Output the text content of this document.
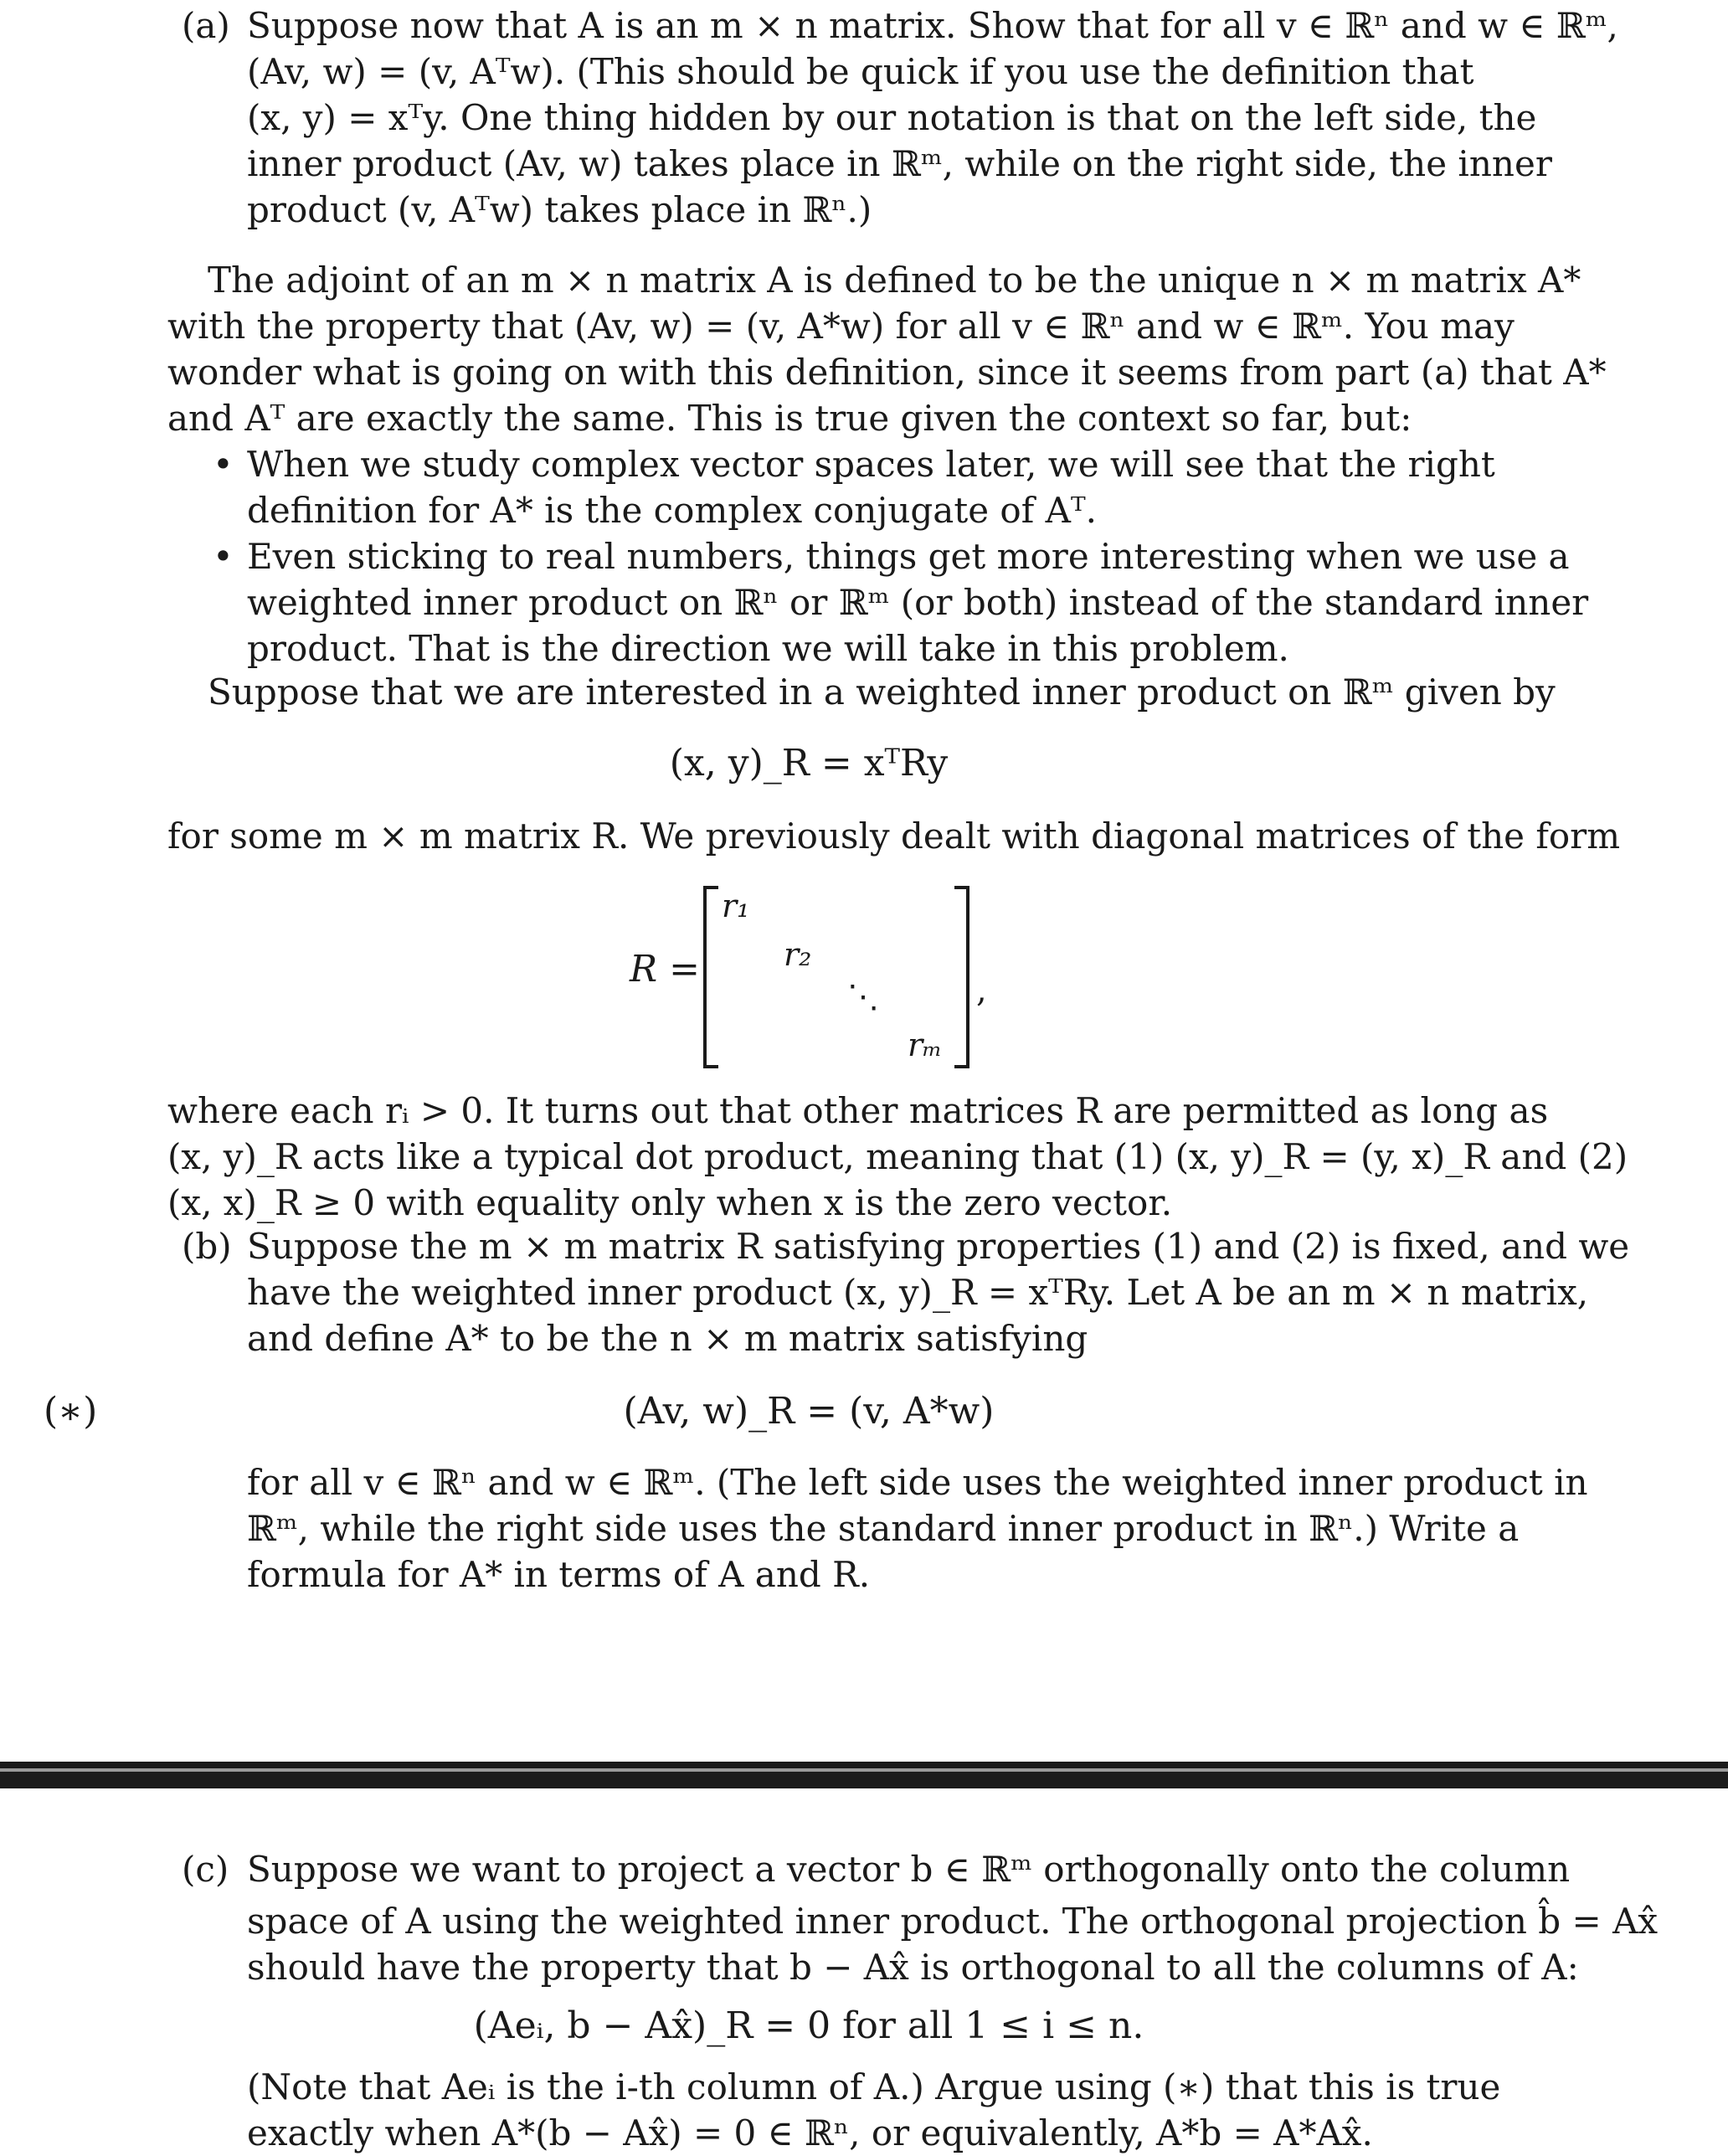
(a) Suppose now that A is an m × n matrix. Show that for all v ∈ ℝⁿ and w ∈ ℝᵐ,
(Av, w) = (v, Aᵀw). (This should be quick if you use the definition that
(x, y) = xᵀy. One thing hidden by our notation is that on the left side, the
inner product (Av, w) takes place in ℝᵐ, while on the right side, the inner
product (v, Aᵀw) takes place in ℝⁿ.)
The adjoint of an m × n matrix A is defined to be the unique n × m matrix A*
with the property that (Av, w) = (v, A*w) for all v ∈ ℝⁿ and w ∈ ℝᵐ. You may
wonder what is going on with this definition, since it seems from part (a) that A*
and Aᵀ are exactly the same. This is true given the context so far, but:
• When we study complex vector spaces later, we will see that the right
definition for A* is the complex conjugate of Aᵀ.
• Even sticking to real numbers, things get more interesting when we use a
weighted inner product on ℝⁿ or ℝᵐ (or both) instead of the standard inner
product. That is the direction we will take in this problem.
Suppose that we are interested in a weighted inner product on ℝᵐ given by
(x, y)_R = xᵀRy
for some m × m matrix R. We previously dealt with diagonal matrices of the form
R =
r₁
r₂
⋱
rₘ
,
where each rᵢ > 0. It turns out that other matrices R are permitted as long as
(x, y)_R acts like a typical dot product, meaning that (1) (x, y)_R = (y, x)_R and (2)
(x, x)_R ≥ 0 with equality only when x is the zero vector.
(b) Suppose the m × m matrix R satisfying properties (1) and (2) is fixed, and we
have the weighted inner product (x, y)_R = xᵀRy. Let A be an m × n matrix,
and define A* to be the n × m matrix satisfying
(∗)	(Av, w)_R = (v, A*w)
for all v ∈ ℝⁿ and w ∈ ℝᵐ. (The left side uses the weighted inner product in
ℝᵐ, while the right side uses the standard inner product in ℝⁿ.) Write a
formula for A* in terms of A and R.
(c) Suppose we want to project a vector b ∈ ℝᵐ orthogonally onto the column
space of A using the weighted inner product. The orthogonal projection b̂ = Ax̂
should have the property that b − Ax̂ is orthogonal to all the columns of A:
(Aeᵢ, b − Ax̂)_R = 0 for all 1 ≤ i ≤ n.
(Note that Aeᵢ is the i-th column of A.) Argue using (∗) that this is true
exactly when A*(b − Ax̂) = 0 ∈ ℝⁿ, or equivalently, A*b = A*Ax̂.
